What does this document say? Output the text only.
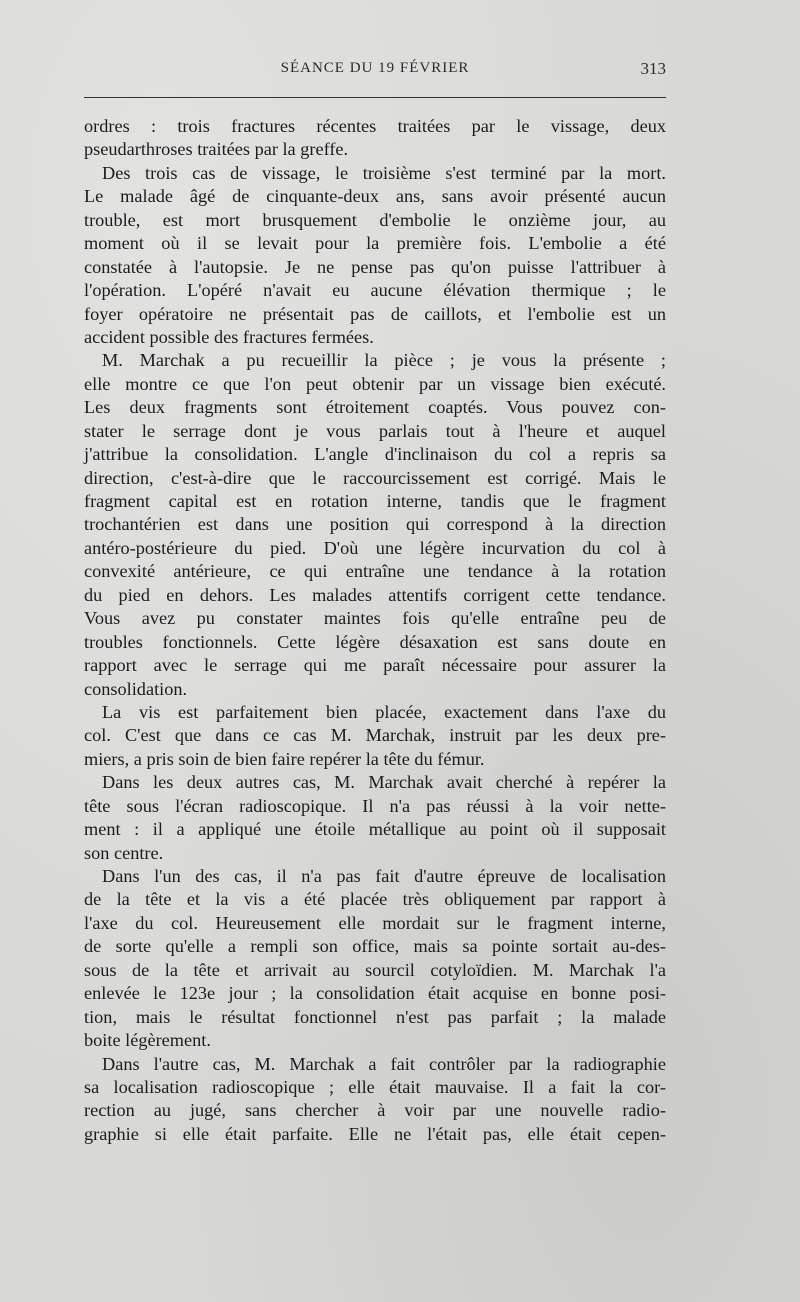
SÉANCE DU 19 FÉVRIER	313
ordres : trois fractures récentes traitées par le vissage, deux
pseudarthroses traitées par la greffe.
Des trois cas de vissage, le troisième s'est terminé par la mort.
Le malade âgé de cinquante-deux ans, sans avoir présenté aucun
trouble, est mort brusquement d'embolie le onzième jour, au
moment où il se levait pour la première fois. L'embolie a été
constatée à l'autopsie. Je ne pense pas qu'on puisse l'attribuer à
l'opération. L'opéré n'avait eu aucune élévation thermique ; le
foyer opératoire ne présentait pas de caillots, et l'embolie est un
accident possible des fractures fermées.
M. Marchak a pu recueillir la pièce ; je vous la présente ;
elle montre ce que l'on peut obtenir par un vissage bien exécuté.
Les deux fragments sont étroitement coaptés. Vous pouvez con-
stater le serrage dont je vous parlais tout à l'heure et auquel
j'attribue la consolidation. L'angle d'inclinaison du col a repris sa
direction, c'est-à-dire que le raccourcissement est corrigé. Mais le
fragment capital est en rotation interne, tandis que le fragment
trochantérien est dans une position qui correspond à la direction
antéro-postérieure du pied. D'où une légère incurvation du col à
convexité antérieure, ce qui entraîne une tendance à la rotation
du pied en dehors. Les malades attentifs corrigent cette tendance.
Vous avez pu constater maintes fois qu'elle entraîne peu de
troubles fonctionnels. Cette légère désaxation est sans doute en
rapport avec le serrage qui me paraît nécessaire pour assurer la
consolidation.
La vis est parfaitement bien placée, exactement dans l'axe du
col. C'est que dans ce cas M. Marchak, instruit par les deux pre-
miers, a pris soin de bien faire repérer la tête du fémur.
Dans les deux autres cas, M. Marchak avait cherché à repérer la
tête sous l'écran radioscopique. Il n'a pas réussi à la voir nette-
ment : il a appliqué une étoile métallique au point où il supposait
son centre.
Dans l'un des cas, il n'a pas fait d'autre épreuve de localisation
de la tête et la vis a été placée très obliquement par rapport à
l'axe du col. Heureusement elle mordait sur le fragment interne,
de sorte qu'elle a rempli son office, mais sa pointe sortait au-des-
sous de la tête et arrivait au sourcil cotyloïdien. M. Marchak l'a
enlevée le 123e jour ; la consolidation était acquise en bonne posi-
tion, mais le résultat fonctionnel n'est pas parfait ; la malade
boite légèrement.
Dans l'autre cas, M. Marchak a fait contrôler par la radiographie
sa localisation radioscopique ; elle était mauvaise. Il a fait la cor-
rection au jugé, sans chercher à voir par une nouvelle radio-
graphie si elle était parfaite. Elle ne l'était pas, elle était cepen-
